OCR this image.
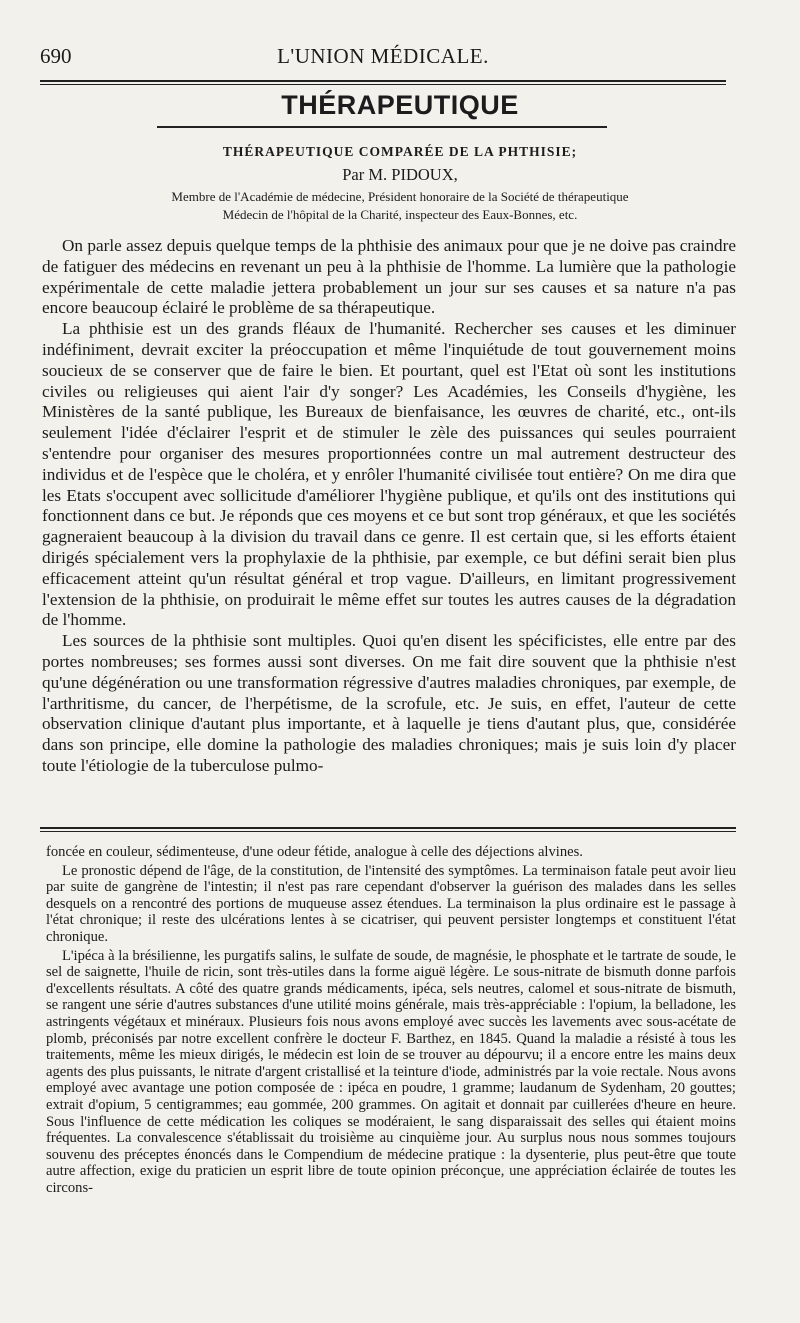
690	L'UNION MÉDICALE.
THÉRAPEUTIQUE
THÉRAPEUTIQUE COMPARÉE DE LA PHTHISIE;
Par M. PIDOUX,
Membre de l'Académie de médecine, Président honoraire de la Société de thérapeutique
Médecin de l'hôpital de la Charité, inspecteur des Eaux-Bonnes, etc.

On parle assez depuis quelque temps de la phthisie des animaux pour que je ne doive pas craindre de fatiguer des médecins en revenant un peu à la phthisie de l'homme. La lumière que la pathologie expérimentale de cette maladie jettera probablement un jour sur ses causes et sa nature n'a pas encore beaucoup éclairé le problème de sa thérapeutique.

La phthisie est un des grands fléaux de l'humanité. Rechercher ses causes et les diminuer indéfiniment, devrait exciter la préoccupation et même l'inquiétude de tout gouvernement moins soucieux de se conserver que de faire le bien. Et pourtant, quel est l'Etat où sont les institutions civiles ou religieuses qui aient l'air d'y songer? Les Académies, les Conseils d'hygiène, les Ministères de la santé publique, les Bureaux de bienfaisance, les œuvres de charité, etc., ont-ils seulement l'idée d'éclairer l'esprit et de stimuler le zèle des puissances qui seules pourraient s'entendre pour organiser des mesures proportionnées contre un mal autrement destructeur des individus et de l'espèce que le choléra, et y enrôler l'humanité civilisée tout entière? On me dira que les Etats s'occupent avec sollicitude d'améliorer l'hygiène publique, et qu'ils ont des institutions qui fonctionnent dans ce but. Je réponds que ces moyens et ce but sont trop généraux, et que les sociétés gagneraient beaucoup à la division du travail dans ce genre. Il est certain que, si les efforts étaient dirigés spécialement vers la prophylaxie de la phthisie, par exemple, ce but défini serait bien plus efficacement atteint qu'un résultat général et trop vague. D'ailleurs, en limitant progressivement l'extension de la phthisie, on produirait le même effet sur toutes les autres causes de la dégradation de l'homme.

Les sources de la phthisie sont multiples. Quoi qu'en disent les spécificistes, elle entre par des portes nombreuses; ses formes aussi sont diverses. On me fait dire souvent que la phthisie n'est qu'une dégénération ou une transformation régressive d'autres maladies chroniques, par exemple, de l'arthritisme, du cancer, de l'herpétisme, de la scrofule, etc. Je suis, en effet, l'auteur de cette observation clinique d'autant plus importante, et à laquelle je tiens d'autant plus, que, considérée dans son principe, elle domine la pathologie des maladies chroniques; mais je suis loin d'y placer toute l'étiologie de la tuberculose pulmo-

foncée en couleur, sédimenteuse, d'une odeur fétide, analogue à celle des déjections alvines.

Le pronostic dépend de l'âge, de la constitution, de l'intensité des symptômes. La terminaison fatale peut avoir lieu par suite de gangrène de l'intestin; il n'est pas rare cependant d'observer la guérison des malades dans les selles desquels on a rencontré des portions de muqueuse assez étendues. La terminaison la plus ordinaire est le passage à l'état chronique; il reste des ulcérations lentes à se cicatriser, qui peuvent persister longtemps et constituent l'état chronique.

L'ipéca à la brésilienne, les purgatifs salins, le sulfate de soude, de magnésie, le phosphate et le tartrate de soude, le sel de saignette, l'huile de ricin, sont très-utiles dans la forme aiguë légère. Le sous-nitrate de bismuth donne parfois d'excellents résultats. A côté des quatre grands médicaments, ipéca, sels neutres, calomel et sous-nitrate de bismuth, se rangent une série d'autres substances d'une utilité moins générale, mais très-appréciable : l'opium, la belladone, les astringents végétaux et minéraux. Plusieurs fois nous avons employé avec succès les lavements avec sous-acétate de plomb, préconisés par notre excellent confrère le docteur F. Barthez, en 1845. Quand la maladie a résisté à tous les traitements, même les mieux dirigés, le médecin est loin de se trouver au dépourvu; il a encore entre les mains deux agents des plus puissants, le nitrate d'argent cristallisé et la teinture d'iode, administrés par la voie rectale. Nous avons employé avec avantage une potion composée de : ipéca en poudre, 1 gramme; laudanum de Sydenham, 20 gouttes; extrait d'opium, 5 centigrammes; eau gommée, 200 grammes. On agitait et donnait par cuillerées d'heure en heure. Sous l'influence de cette médication les coliques se modéraient, le sang disparaissait des selles qui étaient moins fréquentes. La convalescence s'établissait du troisième au cinquième jour. Au surplus nous nous sommes toujours souvenu des préceptes énoncés dans le Compendium de médecine pratique : la dysenterie, plus peut-être que toute autre affection, exige du praticien un esprit libre de toute opinion préconçue, une appréciation éclairée de toutes les circons-
